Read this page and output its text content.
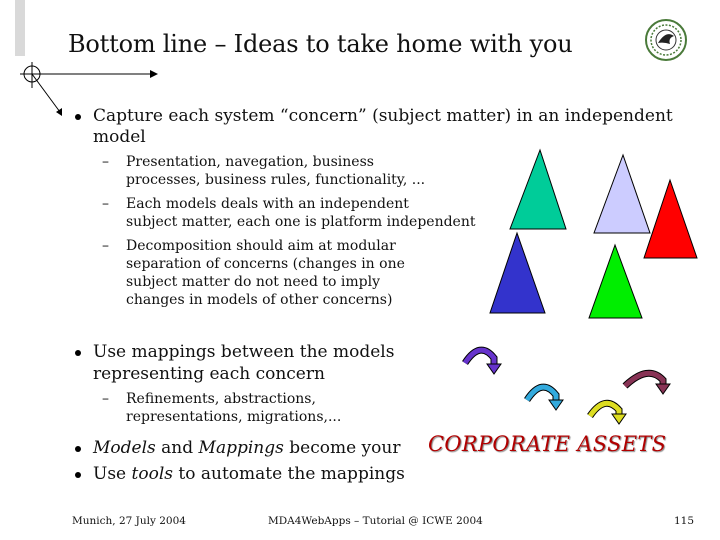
Bottom line – Ideas to take home with you
Capture each system “concern” (subject matter) in an independent
model
– Presentation, navegation, business
processes, business rules, functionality, ...
– Each models deals with an independent
subject matter, each one is platform independent
– Decomposition should aim at modular
separation of concerns (changes in one
subject matter do not need to imply
changes in models of other concerns)
Use mappings between the models
representing each concern
– Refinements, abstractions,
representations, migrations,...
Models and Mappings become your CORPORATE ASSETS
Use tools to automate the mappings
Munich, 27 July 2004	MDA4WebApps – Tutorial @ ICWE 2004	115
